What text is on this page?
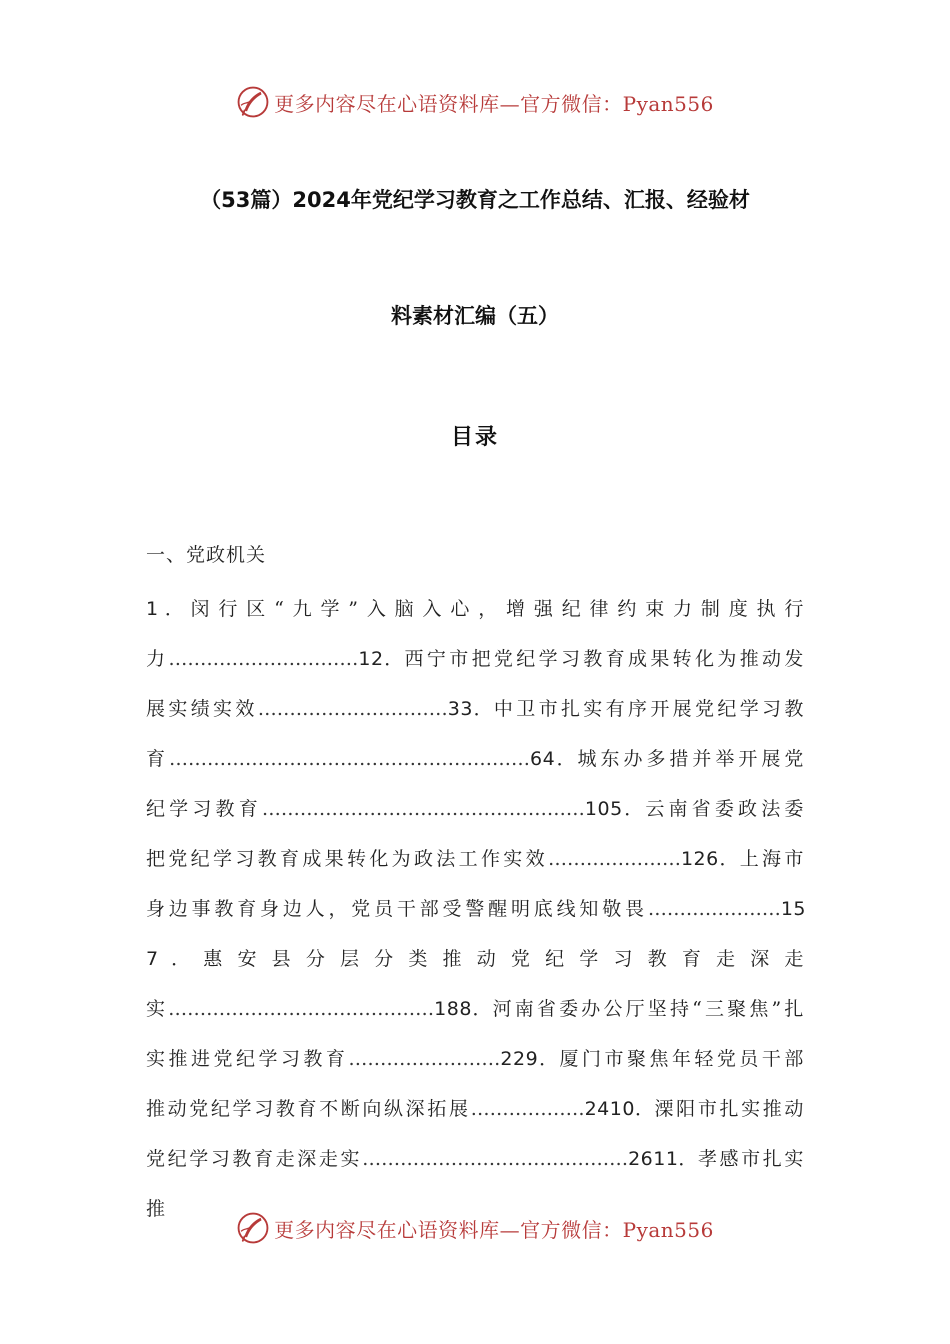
更多内容尽在心语资料库—官方微信：Pyan556
（53篇）2024年党纪学习教育之工作总结、汇报、经验材
料素材汇编（五）
目录
一、党政机关
1．闵行区“九学”入脑入心，增强纪律约束力制度执行力…………………………12．西宁市把党纪学习教育成果转化为推动发展实绩实效…………………………33．中卫市扎实有序开展党纪学习教育…………………………………………………64．城东办多措并举开展党纪学习教育……………………………………………105．云南省委政法委把党纪学习教育成果转化为政法工作实效…………………126．上海市身边事教育身边人，党员干部受警醒明底线知敬畏…………………157．惠安县分层分类推动党纪学习教育走深走实……………………………………188．河南省委办公厅坚持“三聚焦”扎实推进党纪学习教育……………………229．厦门市聚焦年轻党员干部推动党纪学习教育不断向纵深拓展………………2410．溧阳市扎实推动党纪学习教育走深走实……………………………………2611．孝感市扎实推
更多内容尽在心语资料库—官方微信：Pyan556
